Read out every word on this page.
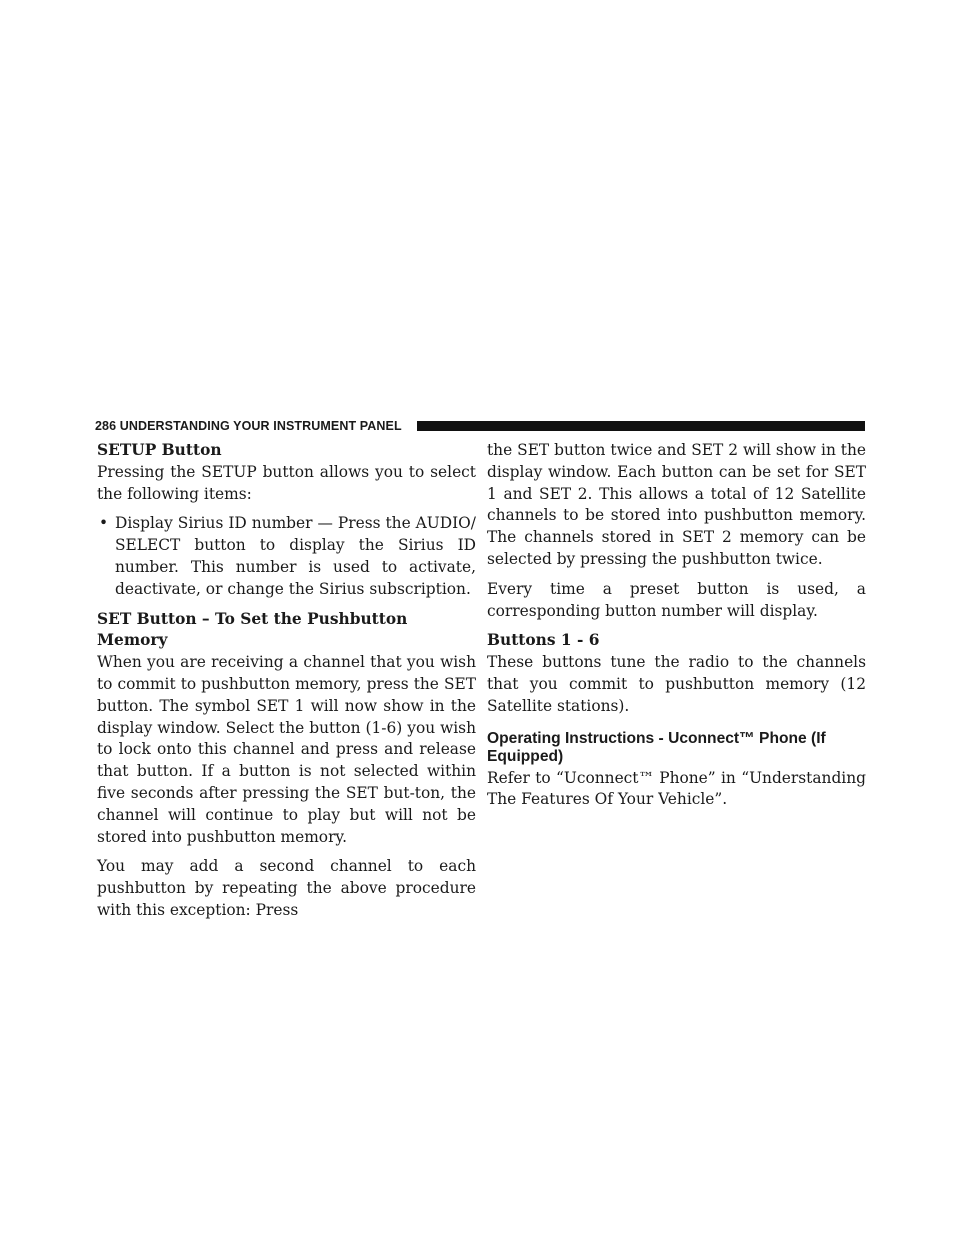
286 UNDERSTANDING YOUR INSTRUMENT PANEL
SETUP Button

Pressing the SETUP button allows you to select the following items:

• Display Sirius ID number — Press the AUDIO/ SELECT button to display the Sirius ID number. This number is used to activate, deactivate, or change the Sirius subscription.
SET Button – To Set the Pushbutton Memory

When you are receiving a channel that you wish to commit to pushbutton memory, press the SET button. The symbol SET 1 will now show in the display window. Select the button (1-6) you wish to lock onto this channel and press and release that button. If a button is not selected within five seconds after pressing the SET but-ton, the channel will continue to play but will not be stored into pushbutton memory.

You may add a second channel to each pushbutton by repeating the above procedure with this exception: Press

the SET button twice and SET 2 will show in the display window. Each button can be set for SET 1 and SET 2. This allows a total of 12 Satellite channels to be stored into pushbutton memory. The channels stored in SET 2 memory can be selected by pressing the pushbutton twice.

Every time a preset button is used, a corresponding button number will display.

Buttons 1 - 6

These buttons tune the radio to the channels that you commit to pushbutton memory (12 Satellite stations).

Operating Instructions - Uconnect™ Phone (If Equipped)

Refer to “Uconnect™ Phone” in “Understanding The Features Of Your Vehicle”.
